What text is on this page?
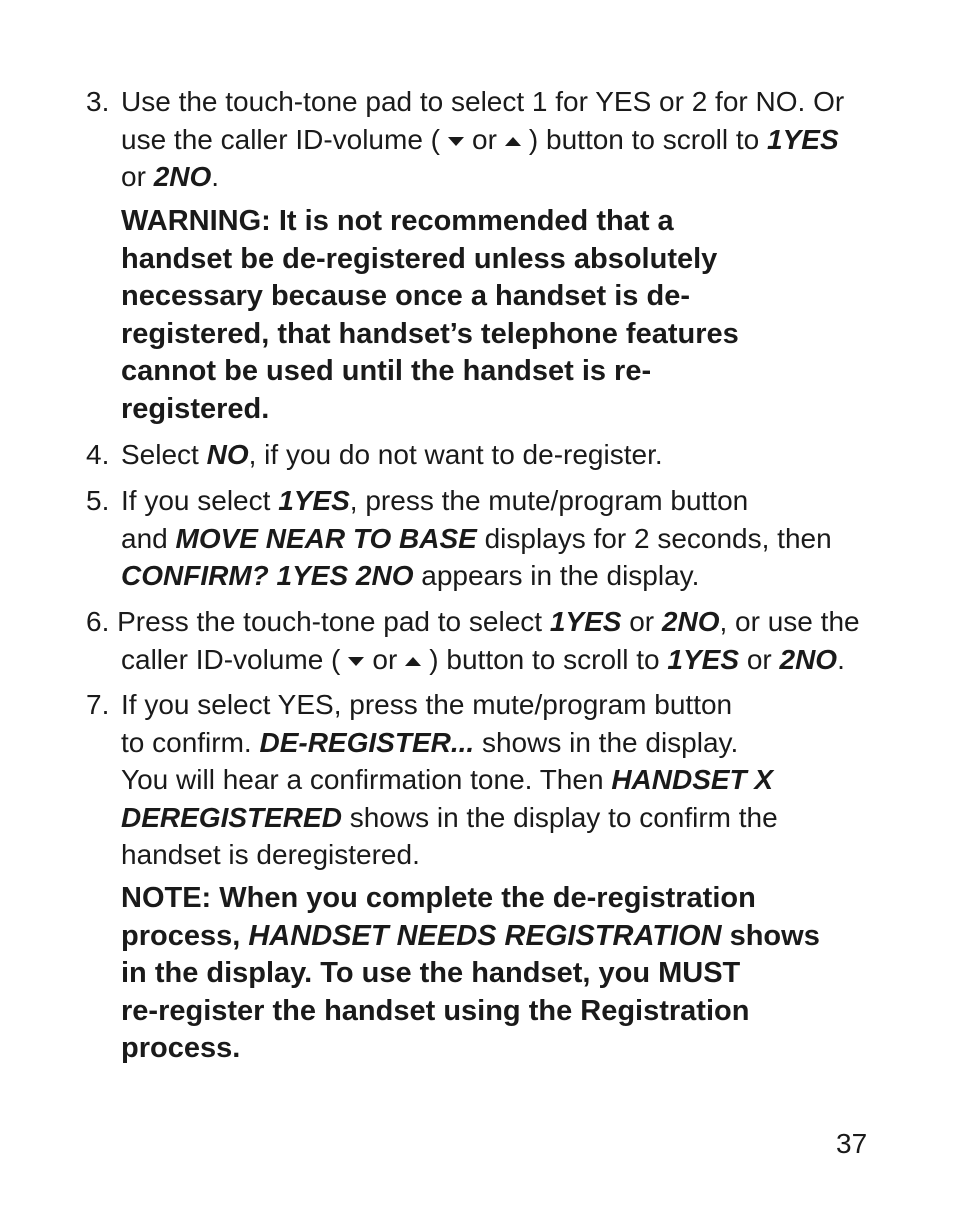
3. Use the touch-tone pad to select 1 for YES or 2 for NO. Or
use the caller ID-volume ( or ) button to scroll to 1YES
or 2NO.
WARNING: It is not recommended that a
handset be de-registered unless absolutely
necessary because once a handset is de-
registered, that handset’s telephone features
cannot be used until the handset is re-
registered.
4. Select NO, if you do not want to de-register.
5. If you select 1YES, press the mute/program button
and MOVE NEAR TO BASE displays for 2 seconds, then
CONFIRM? 1YES 2NO appears in the display.
6. Press the touch-tone pad to select 1YES or 2NO, or use the
caller ID-volume ( or ) button to scroll to 1YES or 2NO.
7. If you select YES, press the mute/program button
to confirm. DE-REGISTER... shows in the display.
You will hear a confirmation tone. Then HANDSET X
DEREGISTERED shows in the display to confirm the
handset is deregistered.
NOTE: When you complete the de-registration
process, HANDSET NEEDS REGISTRATION shows
in the display. To use the handset, you MUST
re-register the handset using the Registration
process.
37
